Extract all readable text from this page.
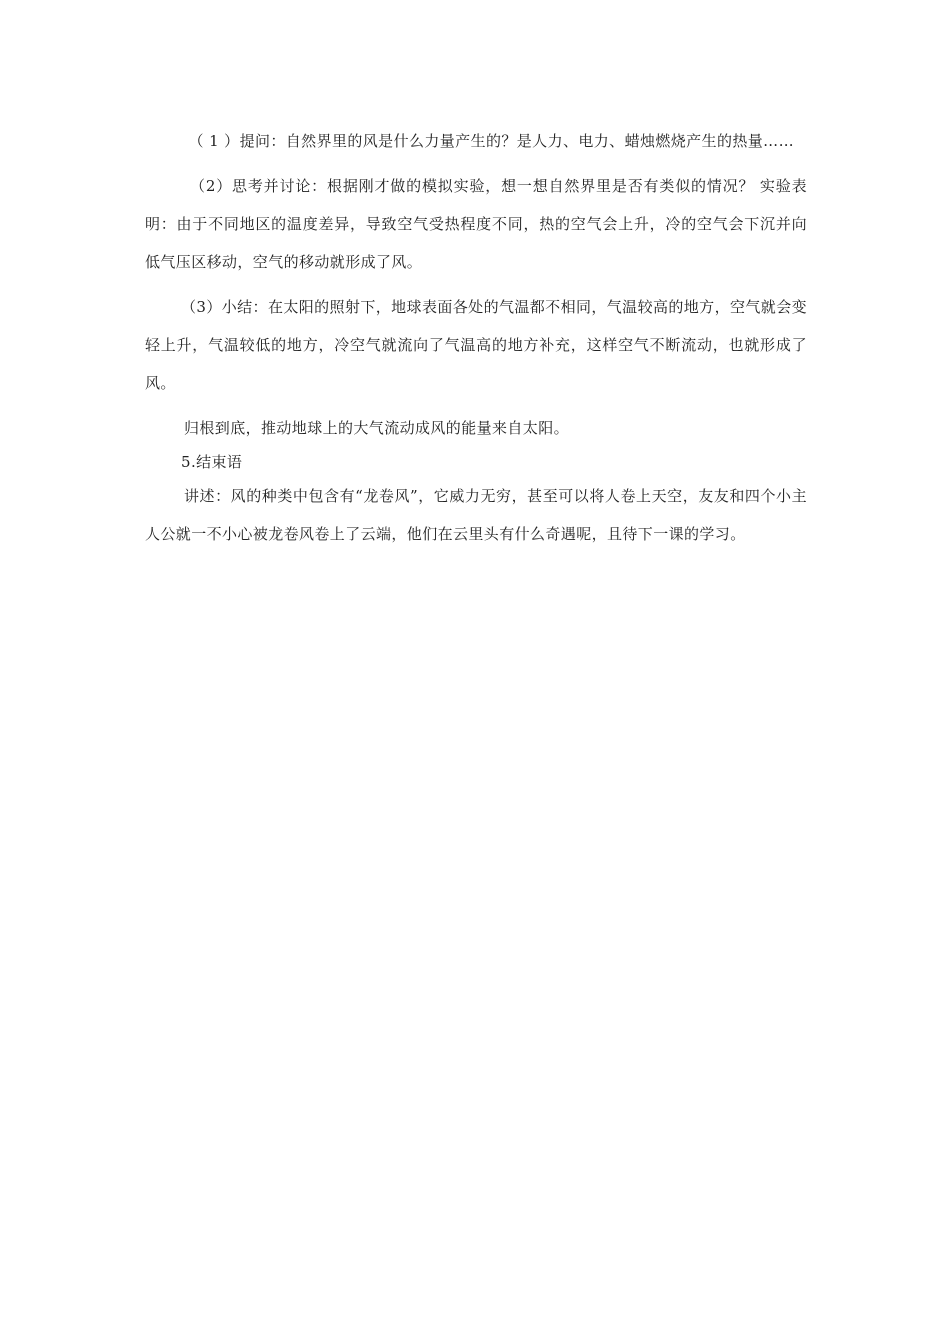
（ 1 ）提问：自然界里的风是什么力量产生的？是人力、电力、蜡烛燃烧产生的热量……

（2）思考并讨论：根据刚才做的模拟实验，想一想自然界里是否有类似的情况？ 实验表明：由于不同地区的温度差异，导致空气受热程度不同，热的空气会上升，冷的空气会下沉并向低气压区移动，空气的移动就形成了风。

（3）小结：在太阳的照射下，地球表面各处的气温都不相同，气温较高的地方，空气就会变轻上升，气温较低的地方，冷空气就流向了气温高的地方补充，这样空气不断流动，也就形成了风。

归根到底，推动地球上的大气流动成风的能量来自太阳。

5.结束语

讲述：风的种类中包含有“龙卷风”，它威力无穷，甚至可以将人卷上天空，友友和四个小主人公就一不小心被龙卷风卷上了云端，他们在云里头有什么奇遇呢，且待下一课的学习。
